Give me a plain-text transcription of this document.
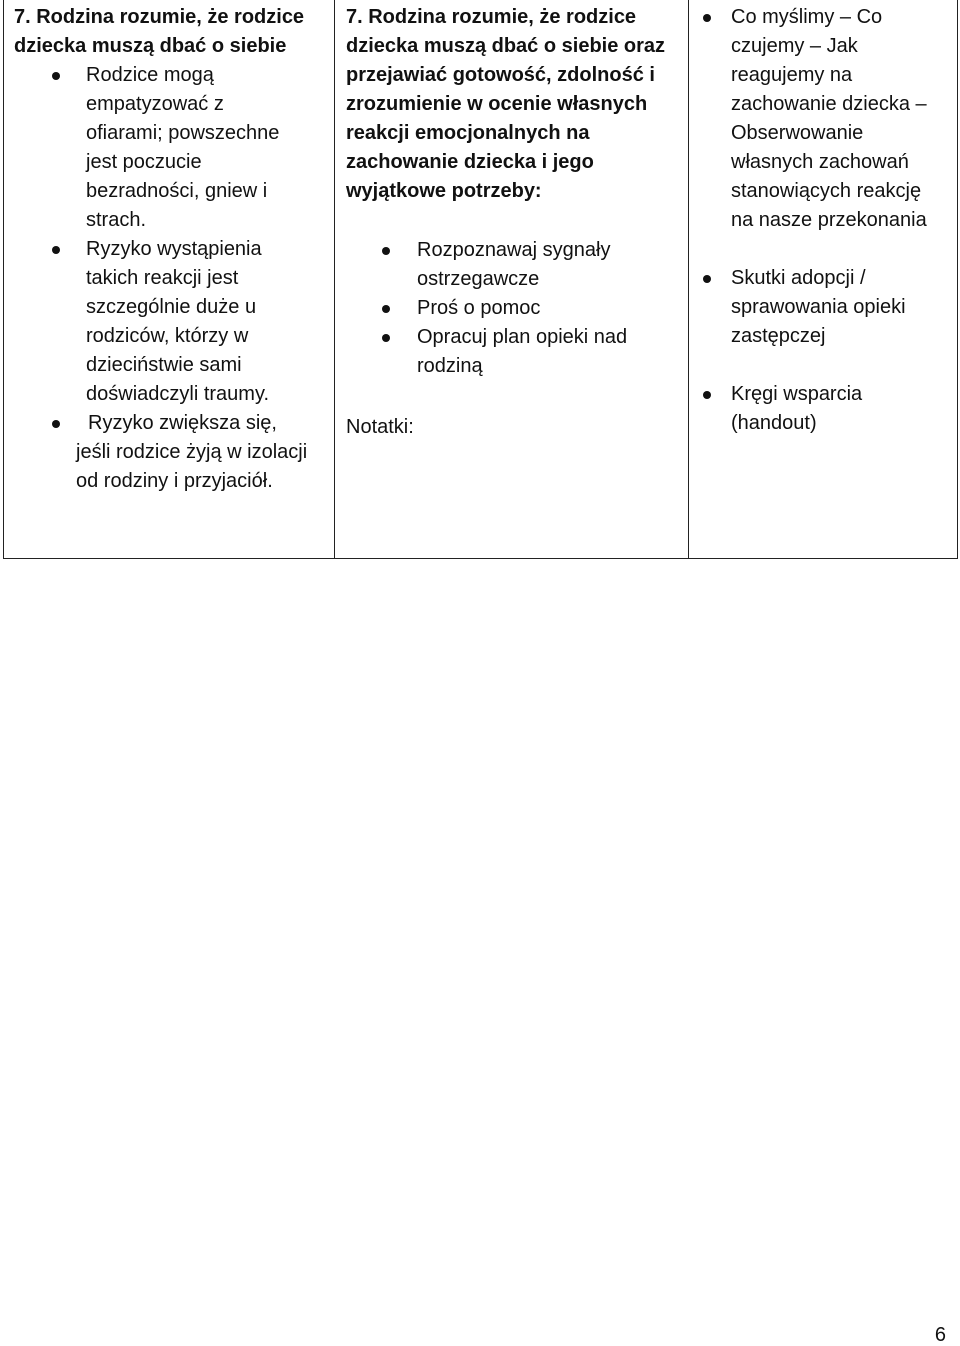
7. Rodzina rozumie, że rodzice dziecka muszą dbać o siebie

Rodzice mogą empatyzować z ofiarami; powszechne jest poczucie bezradności, gniew i strach.
Ryzyko wystąpienia takich reakcji jest szczególnie duże u rodziców, którzy w dzieciństwie sami doświadczyli traumy.
Ryzyko zwiększa się, jeśli rodzice żyją w izolacji od rodziny i przyjaciół.

7. Rodzina rozumie, że rodzice dziecka muszą dbać o siebie oraz przejawiać gotowość, zdolność i zrozumienie w ocenie własnych reakcji emocjonalnych na zachowanie dziecka i jego wyjątkowe potrzeby:

Rozpoznawaj sygnały ostrzegawcze
Proś o pomoc
Opracuj plan opieki nad rodziną
Notatki:
Co myślimy – Co czujemy – Jak reagujemy na zachowanie dziecka – Obserwowanie własnych zachowań stanowiących reakcję na nasze przekonania
Skutki adopcji / sprawowania opieki zastępczej
Kręgi wsparcia (handout)
6
